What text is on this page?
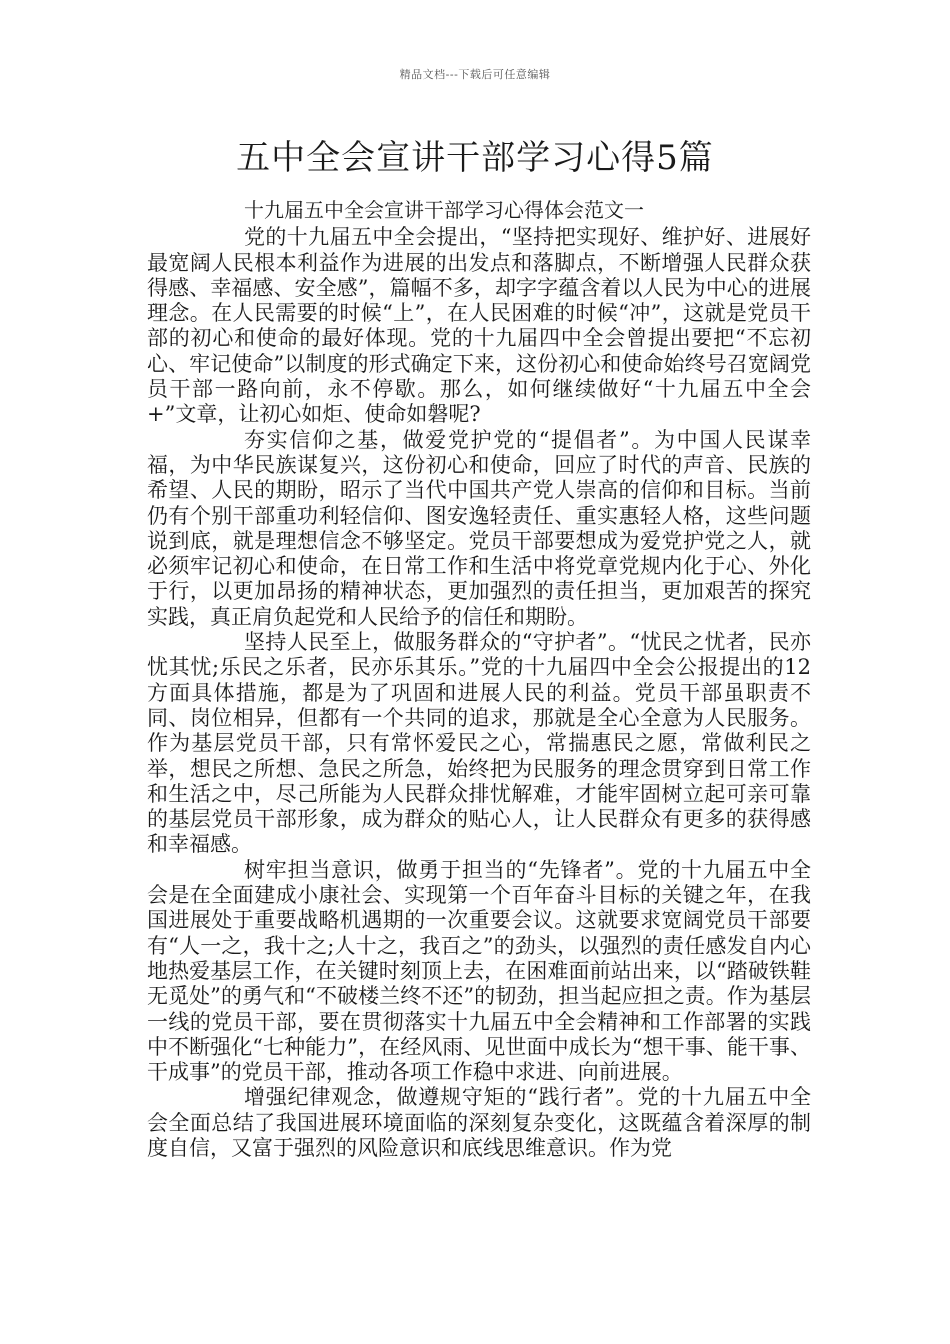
精品文档---下载后可任意编辑
五中全会宣讲干部学习心得5篇

十九届五中全会宣讲干部学习心得体会范文一

党的十九届五中全会提出，“坚持把实现好、维护好、进展好最宽阔人民根本利益作为进展的出发点和落脚点，不断增强人民群众获得感、幸福感、安全感”，篇幅不多，却字字蕴含着以人民为中心的进展理念。在人民需要的时候“上”，在人民困难的时候“冲”，这就是党员干部的初心和使命的最好体现。党的十九届四中全会曾提出要把“不忘初心、牢记使命”以制度的形式确定下来，这份初心和使命始终号召宽阔党员干部一路向前，永不停歇。那么，如何继续做好“十九届五中全会+”文章，让初心如炬、使命如磐呢?

夯实信仰之基，做爱党护党的“提倡者”。为中国人民谋幸福，为中华民族谋复兴，这份初心和使命，回应了时代的声音、民族的希望、人民的期盼，昭示了当代中国共产党人崇高的信仰和目标。当前仍有个别干部重功利轻信仰、图安逸轻责任、重实惠轻人格，这些问题说到底，就是理想信念不够坚定。党员干部要想成为爱党护党之人，就必须牢记初心和使命，在日常工作和生活中将党章党规内化于心、外化于行，以更加昂扬的精神状态，更加强烈的责任担当，更加艰苦的探究实践，真正肩负起党和人民给予的信任和期盼。

坚持人民至上，做服务群众的“守护者”。“忧民之忧者，民亦忧其忧;乐民之乐者，民亦乐其乐。”党的十九届四中全会公报提出的12方面具体措施，都是为了巩固和进展人民的利益。党员干部虽职责不同、岗位相异，但都有一个共同的追求，那就是全心全意为人民服务。作为基层党员干部，只有常怀爱民之心，常揣惠民之愿，常做利民之举，想民之所想、急民之所急，始终把为民服务的理念贯穿到日常工作和生活之中，尽己所能为人民群众排忧解难，才能牢固树立起可亲可靠的基层党员干部形象，成为群众的贴心人，让人民群众有更多的获得感和幸福感。

树牢担当意识，做勇于担当的“先锋者”。党的十九届五中全会是在全面建成小康社会、实现第一个百年奋斗目标的关键之年，在我国进展处于重要战略机遇期的一次重要会议。这就要求宽阔党员干部要有“人一之，我十之;人十之，我百之”的劲头，以强烈的责任感发自内心地热爱基层工作，在关键时刻顶上去，在困难面前站出来，以“踏破铁鞋无觅处”的勇气和“不破楼兰终不还”的韧劲，担当起应担之责。作为基层一线的党员干部，要在贯彻落实十九届五中全会精神和工作部署的实践中不断强化“七种能力”，在经风雨、见世面中成长为“想干事、能干事、干成事”的党员干部，推动各项工作稳中求进、向前进展。

增强纪律观念，做遵规守矩的“践行者”。党的十九届五中全会全面总结了我国进展环境面临的深刻复杂变化，这既蕴含着深厚的制度自信，又富于强烈的风险意识和底线思维意识。作为党
